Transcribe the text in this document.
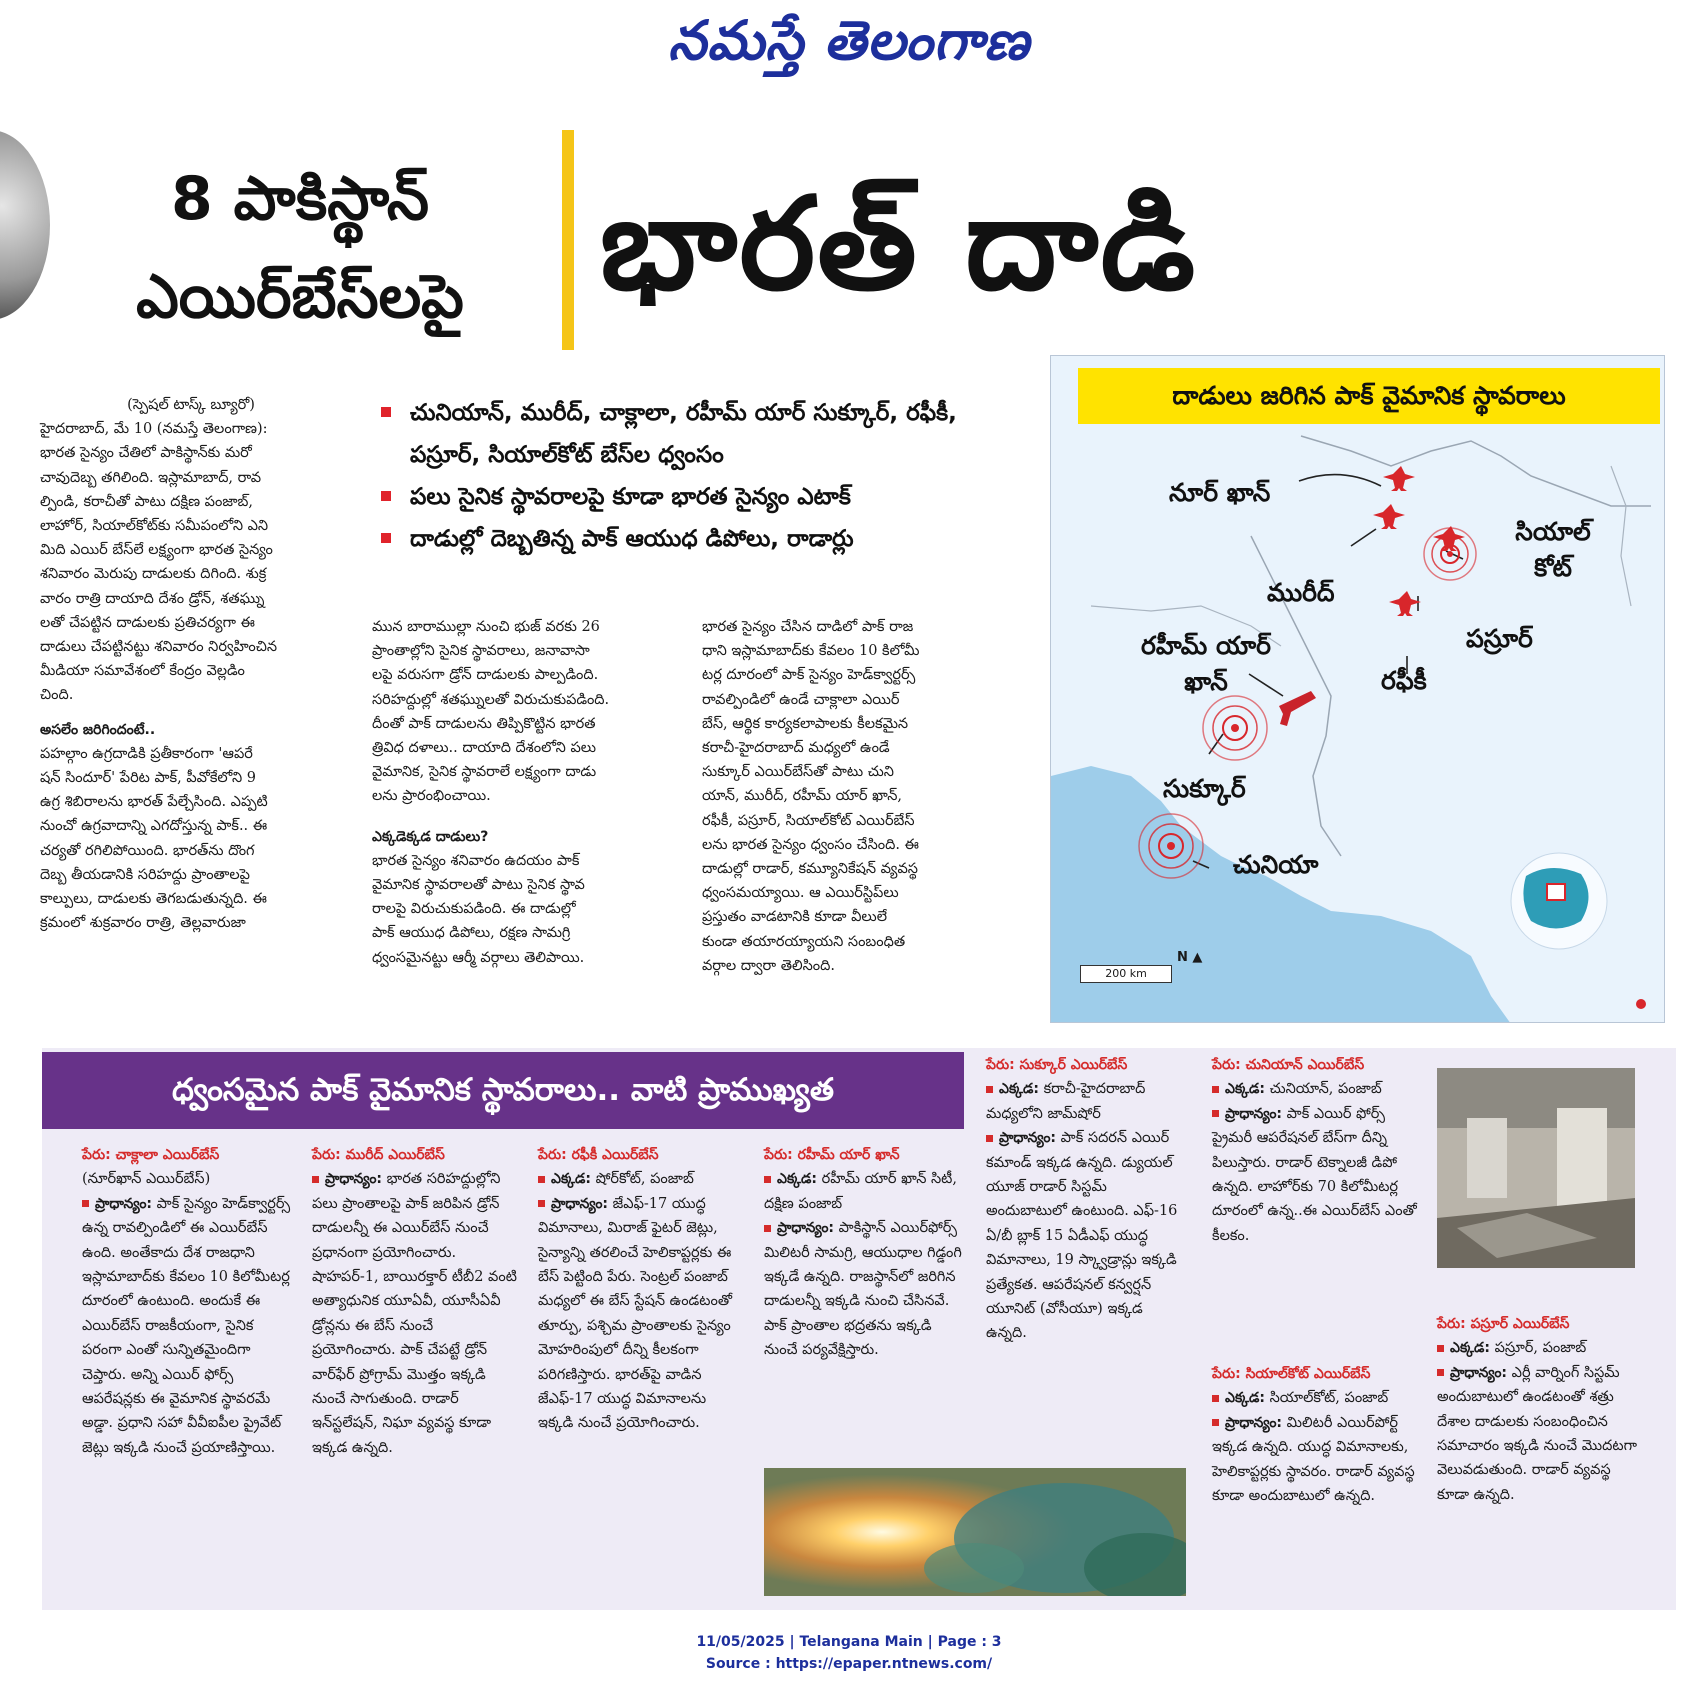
నమస్తే తెలంగాణ
8 పాకిస్థాన్
ఎయిర్‌బేస్‌లపై	భారత్ దాడి
(స్పెషల్ టాస్క్ బ్యూరో)
హైదరాబాద్, మే 10 (నమస్తే తెలంగాణ):
భారత సైన్యం చేతిలో పాకిస్థాన్‌కు మరో
చావుదెబ్బ తగిలింది. ఇస్లామాబాద్, రావ
ల్పిండి, కరాచీతో పాటు దక్షిణ పంజాబ్,
లాహోర్, సియాల్‌కోట్‌కు సమీపంలోని ఎని
మిది ఎయిర్ బేస్‌లే లక్ష్యంగా భారత సైన్యం
శనివారం మెరుపు దాడులకు దిగింది. శుక్ర
వారం రాత్రి దాయాది దేశం డ్రోన్, శతఘ్ను
లతో చేపట్టిన దాడులకు ప్రతిచర్యగా ఈ
దాడులు చేపట్టినట్టు శనివారం నిర్వహించిన
మీడియా సమావేశంలో కేంద్రం వెల్లడిం
చింది.
అసలేం జరిగిందంటే..
పహల్గాం ఉగ్రదాడికి ప్రతీకారంగా 'ఆపరే
షన్ సిందూర్' పేరిట పాక్, పీవోకేలోని 9
ఉగ్ర శిబిరాలను భారత్ పేల్చేసింది. ఎప్పటి
నుంచో ఉగ్రవాదాన్ని ఎగదోస్తున్న పాక్.. ఈ
చర్యతో రగిలిపోయింది. భారత్‌ను దొంగ
దెబ్బ తీయడానికి సరిహద్దు ప్రాంతాలపై
కాల్పులు, దాడులకు తెగబడుతున్నది. ఈ
క్రమంలో శుక్రవారం రాత్రి, తెల్లవారుజా
చునియాన్, మురీద్, చాక్లాలా, రహీమ్ యార్ సుక్కూర్, రఫీకీ, పస్రూర్, సియాల్‌కోట్ బేస్‌ల ధ్వంసం
పలు సైనిక స్థావరాలపై కూడా భారత సైన్యం ఎటాక్
దాడుల్లో దెబ్బతిన్న పాక్ ఆయుధ డిపోలు, రాడార్లు
మున బారాముల్లా నుంచి భుజ్ వరకు 26
ప్రాంతాల్లోని సైనిక స్థావరాలు, జనావాసా
లపై వరుసగా డ్రోన్ దాడులకు పాల్పడింది.
సరిహద్దుల్లో శతఘ్నులతో విరుచుకుపడింది.
దీంతో పాక్ దాడులను తిప్పికొట్టిన భారత
త్రివిధ దళాలు.. దాయాది దేశంలోని పలు
వైమానిక, సైనిక స్థావరాలే లక్ష్యంగా దాడు
లను ప్రారంభించాయి.
ఎక్కడెక్కడ దాడులు?
భారత సైన్యం శనివారం ఉదయం పాక్
వైమానిక స్థావరాలతో పాటు సైనిక స్థావ
రాలపై విరుచుకుపడింది. ఈ దాడుల్లో
పాక్ ఆయుధ డిపోలు, రక్షణ సామగ్రి
ధ్వంసమైనట్టు ఆర్మీ వర్గాలు తెలిపాయి.
భారత సైన్యం చేసిన దాడిలో పాక్ రాజ
ధాని ఇస్లామాబాద్‌కు కేవలం 10 కిలోమీ
టర్ల దూరంలో పాక్ సైన్యం హెడ్‌క్వార్టర్స్
రావల్పిండిలో ఉండే చాక్లాలా ఎయిర్
బేస్, ఆర్థిక కార్యకలాపాలకు కీలకమైన
కరాచీ-హైదరాబాద్ మధ్యలో ఉండే
సుక్కూర్ ఎయిర్‌బేస్‌తో పాటు చుని
యాన్, మురీద్, రహీమ్ యార్ ఖాన్,
రఫీకీ, పస్రూర్, సియాల్‌కోట్ ఎయిర్‌బేస్
లను భారత సైన్యం ధ్వంసం చేసింది. ఈ
దాడుల్లో రాడార్, కమ్యూనికేషన్ వ్యవస్థ
ధ్వంసమయ్యాయి. ఆ ఎయిర్‌స్టిప్‌లు
ప్రస్తుతం వాడటానికి కూడా వీలులే
కుండా తయారయ్యాయని సంబంధిత
వర్గాల ద్వారా తెలిసింది.
నూర్ ఖాన్
మురీద్
సియాల్ కోట్
పస్రూర్
రఫీకీ
రహీమ్ యార్ ఖాన్
సుక్కూర్
చునియా
దాడులు జరిగిన పాక్ వైమానిక స్థావరాలు
200 km
N ▲
ధ్వంసమైన పాక్ వైమానిక స్థావరాలు.. వాటి ప్రాముఖ్యత

పేరు: చాక్లాలా ఎయిర్‌బేస్

(నూర్‌ఖాన్ ఎయిర్‌బేస్)

ప్రాధాన్యం: పాక్ సైన్యం హెడ్‌క్వార్టర్స్ ఉన్న రావల్పిండిలో ఈ ఎయిర్‌బేస్ ఉంది. అంతేకాదు దేశ రాజధాని ఇస్లామాబాద్‌కు కేవలం 10 కిలోమీటర్ల దూరంలో ఉంటుంది. అందుకే ఈ ఎయిర్‌బేస్ రాజకీయంగా, సైనిక పరంగా ఎంతో సున్నితమైందిగా చెప్తారు. అన్ని ఎయిర్ ఫోర్స్ ఆపరేషన్లకు ఈ వైమానిక స్థావరమే అడ్డా. ప్రధాని సహా వీవీఐపీల ప్రైవేట్ జెట్లు ఇక్కడి నుంచే ప్రయాణిస్తాయి.

పేరు: మురీద్ ఎయిర్‌బేస్

ప్రాధాన్యం: భారత సరిహద్దుల్లోని పలు ప్రాంతాలపై పాక్ జరిపిన డ్రోన్ దాడులన్నీ ఈ ఎయిర్‌బేస్ నుంచే ప్రధానంగా ప్రయోగించారు. షాహపర్-1, బాయిరక్తార్ టీబీ2 వంటి అత్యాధునిక యూఏవీ, యూసీఏవీ డ్రోన్లను ఈ బేస్ నుంచే ప్రయోగించారు. పాక్ చేపట్టే డ్రోన్ వార్‌ఫేర్ ప్రోగ్రామ్ మొత్తం ఇక్కడి నుంచే సాగుతుంది. రాడార్ ఇన్‌స్టలేషన్, నిఘా వ్యవస్థ కూడా ఇక్కడ ఉన్నది.

పేరు: రఫీకీ ఎయిర్‌బేస్

ఎక్కడ: షోర్‌కోట్, పంజాబ్

ప్రాధాన్యం: జేఎఫ్-17 యుద్ధ విమానాలు, మిరాజ్ ఫైటర్ జెట్లు, సైన్యాన్ని తరలించే హెలికాప్టర్లకు ఈ బేస్ పెట్టింది పేరు. సెంట్రల్ పంజాబ్ మధ్యలో ఈ బేస్ స్టేషన్ ఉండటంతో తూర్పు, పశ్చిమ ప్రాంతాలకు సైన్యం మోహరింపులో దీన్ని కీలకంగా పరిగణిస్తారు. భారత్‌పై వాడిన జేఎఫ్-17 యుద్ధ విమానాలను ఇక్కడి నుంచే ప్రయోగించారు.

పేరు: రహీమ్ యార్ ఖాన్

ఎక్కడ: రహీమ్ యార్ ఖాన్ సిటీ, దక్షిణ పంజాబ్

ప్రాధాన్యం: పాకిస్థాన్ ఎయిర్‌ఫోర్స్ మిలిటరీ సామగ్రి, ఆయుధాల గిడ్డంగి ఇక్కడే ఉన్నది. రాజస్థాన్‌లో జరిగిన దాడులన్నీ ఇక్కడి నుంచి చేసినవే. పాక్ ప్రాంతాల భద్రతను ఇక్కడి నుంచే పర్యవేక్షిస్తారు.

పేరు: సుక్కూర్ ఎయిర్‌బేస్

ఎక్కడ: కరాచీ-హైదరాబాద్ మధ్యలోని జామ్‌షోర్

ప్రాధాన్యం: పాక్ సదరన్ ఎయిర్ కమాండ్ ఇక్కడ ఉన్నది. డ్యుయల్ యూజ్ రాడార్ సిస్టమ్ అందుబాటులో ఉంటుంది. ఎఫ్-16 ఏ/బీ బ్లాక్ 15 ఏడీఎఫ్ యుద్ధ విమానాలు, 19 స్క్వాడ్రాన్లు ఇక్కడి ప్రత్యేకత. ఆపరేషనల్ కన్వర్షన్ యూనిట్ (వోసీయూ) ఇక్కడ ఉన్నది.

పేరు: చునియాన్ ఎయిర్‌బేస్

ఎక్కడ: చునియాన్, పంజాబ్

ప్రాధాన్యం: పాక్ ఎయిర్ ఫోర్స్ ప్రైమరీ ఆపరేషనల్ బేస్‌గా దీన్ని పిలుస్తారు. రాడార్ టెక్నాలజీ డిపో ఉన్నది. లాహోర్‌కు 70 కిలోమీటర్ల దూరంలో ఉన్న..ఈ ఎయిర్‌బేస్ ఎంతో కీలకం.

పేరు: సియాల్‌కోట్ ఎయిర్‌బేస్

ఎక్కడ: సియాల్‌కోట్, పంజాబ్

ప్రాధాన్యం: మిలిటరీ ఎయిర్‌పోర్ట్ ఇక్కడ ఉన్నది. యుద్ధ విమానాలకు, హెలికాప్టర్లకు స్థావరం. రాడార్ వ్యవస్థ కూడా అందుబాటులో ఉన్నది.

పేరు: పస్రూర్ ఎయిర్‌బేస్

ఎక్కడ: పస్రూర్, పంజాబ్

ప్రాధాన్యం: ఎర్లీ వార్నింగ్ సిస్టమ్ అందుబాటులో ఉండటంతో శత్రు దేశాల దాడులకు సంబంధించిన సమాచారం ఇక్కడి నుంచే మొదటగా వెలువడుతుంది. రాడార్ వ్యవస్థ కూడా ఉన్నది.

11/05/2025 | Telangana Main | Page : 3
Source : https://epaper.ntnews.com/
